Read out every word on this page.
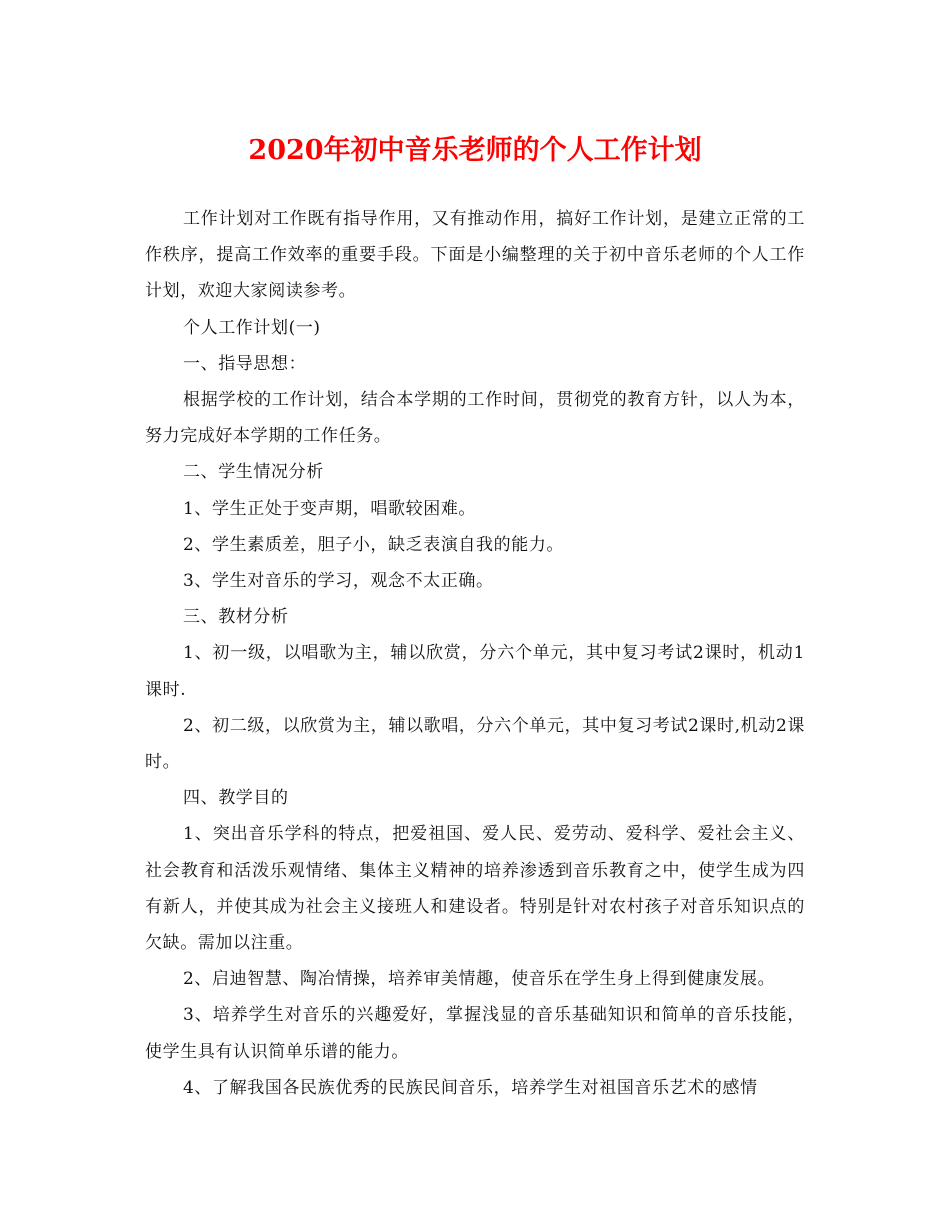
2020年初中音乐老师的个人工作计划

工作计划对工作既有指导作用，又有推动作用，搞好工作计划，是建立正常的工作秩序，提高工作效率的重要手段。下面是小编整理的关于初中音乐老师的个人工作计划，欢迎大家阅读参考。

个人工作计划(一)

一、指导思想：

根据学校的工作计划，结合本学期的工作时间，贯彻党的教育方针，以人为本，努力完成好本学期的工作任务。

二、学生情况分析

1、学生正处于变声期，唱歌较困难。

2、学生素质差，胆子小，缺乏表演自我的能力。

3、学生对音乐的学习，观念不太正确。

三、教材分析

1、初一级，以唱歌为主，辅以欣赏，分六个单元，其中复习考试2课时，机动1课时.

2、初二级，以欣赏为主，辅以歌唱，分六个单元，其中复习考试2课时,机动2课时。

四、教学目的

1、突出音乐学科的特点，把爱祖国、爱人民、爱劳动、爱科学、爱社会主义、社会教育和活泼乐观情绪、集体主义精神的培养渗透到音乐教育之中，使学生成为四有新人，并使其成为社会主义接班人和建设者。特别是针对农村孩子对音乐知识点的欠缺。需加以注重。

2、启迪智慧、陶冶情操，培养审美情趣，使音乐在学生身上得到健康发展。

3、培养学生对音乐的兴趣爱好，掌握浅显的音乐基础知识和简单的音乐技能，使学生具有认识简单乐谱的能力。

4、了解我国各民族优秀的民族民间音乐，培养学生对祖国音乐艺术的感情
